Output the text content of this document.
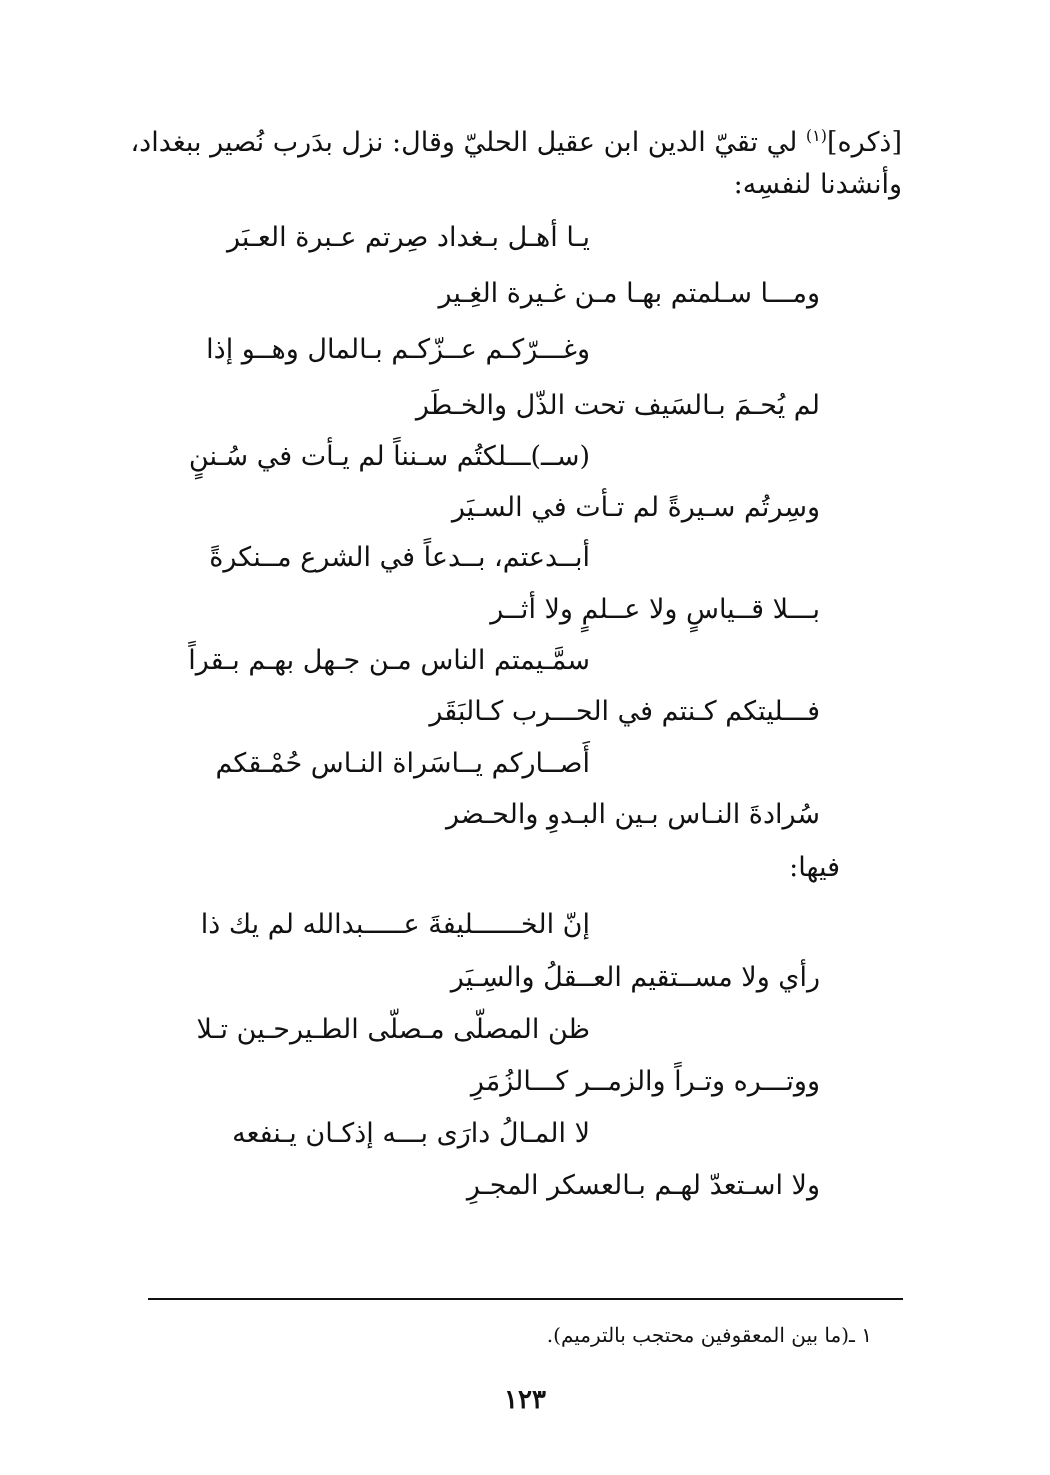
[ذكره]$^{(١)}$ لي تقيّ الدين ابن عقيل الحليّ وقال: نزل بدَرب نُصير ببغداد،
وأنشدنا لنفسِه:
يـا أهـل بـغداد صِرتم عـبرة العـبَر
ومـــا سـلمتم بهـا مـن غـيرة الغِـير
وغـــرّكـم عــزّكـم بـالمال وهــو إذا
لم يُحـمَ بـالسَيف تحت الذّل والخـطَر
(ســ)ـــلكتُم سـنناً لم يـأت في سُـننٍ
وسِرتُم سـيرةً لم تـأت في السـيَر
أبــدعتم، بــدعاً في الشرع مــنكرةً
بـــلا قــياسٍ ولا عــلمٍ ولا أثــر
سمَّـيمتم الناس مـن جـهل بهـم بـقراً
فـــليتكم كـنتم في الحـــرب كـالبَقَر
أَصــاركم يــاسَراة النـاس حُمْـقكم
سُرادةَ النـاس بـين البـدوِ والحـضر
فيها:
إنّ الخــــــليفةَ عـــــبدالله لم يك ذا
رأي ولا مســتقيم العــقلُ والسِـيَر
ظن المصلّى مـصلّى الطـيرحـين تـلا
ووتـــره وتـراً والزمــر كـــالزُمَرِ
لا المـالُ دارَى بـــه إذكـان يـنفعه
ولا اسـتعدّ لهـم بـالعسكر المجـرِ
١ ـ(ما بين المعقوفين محتجب بالترميم).
١٢٣
